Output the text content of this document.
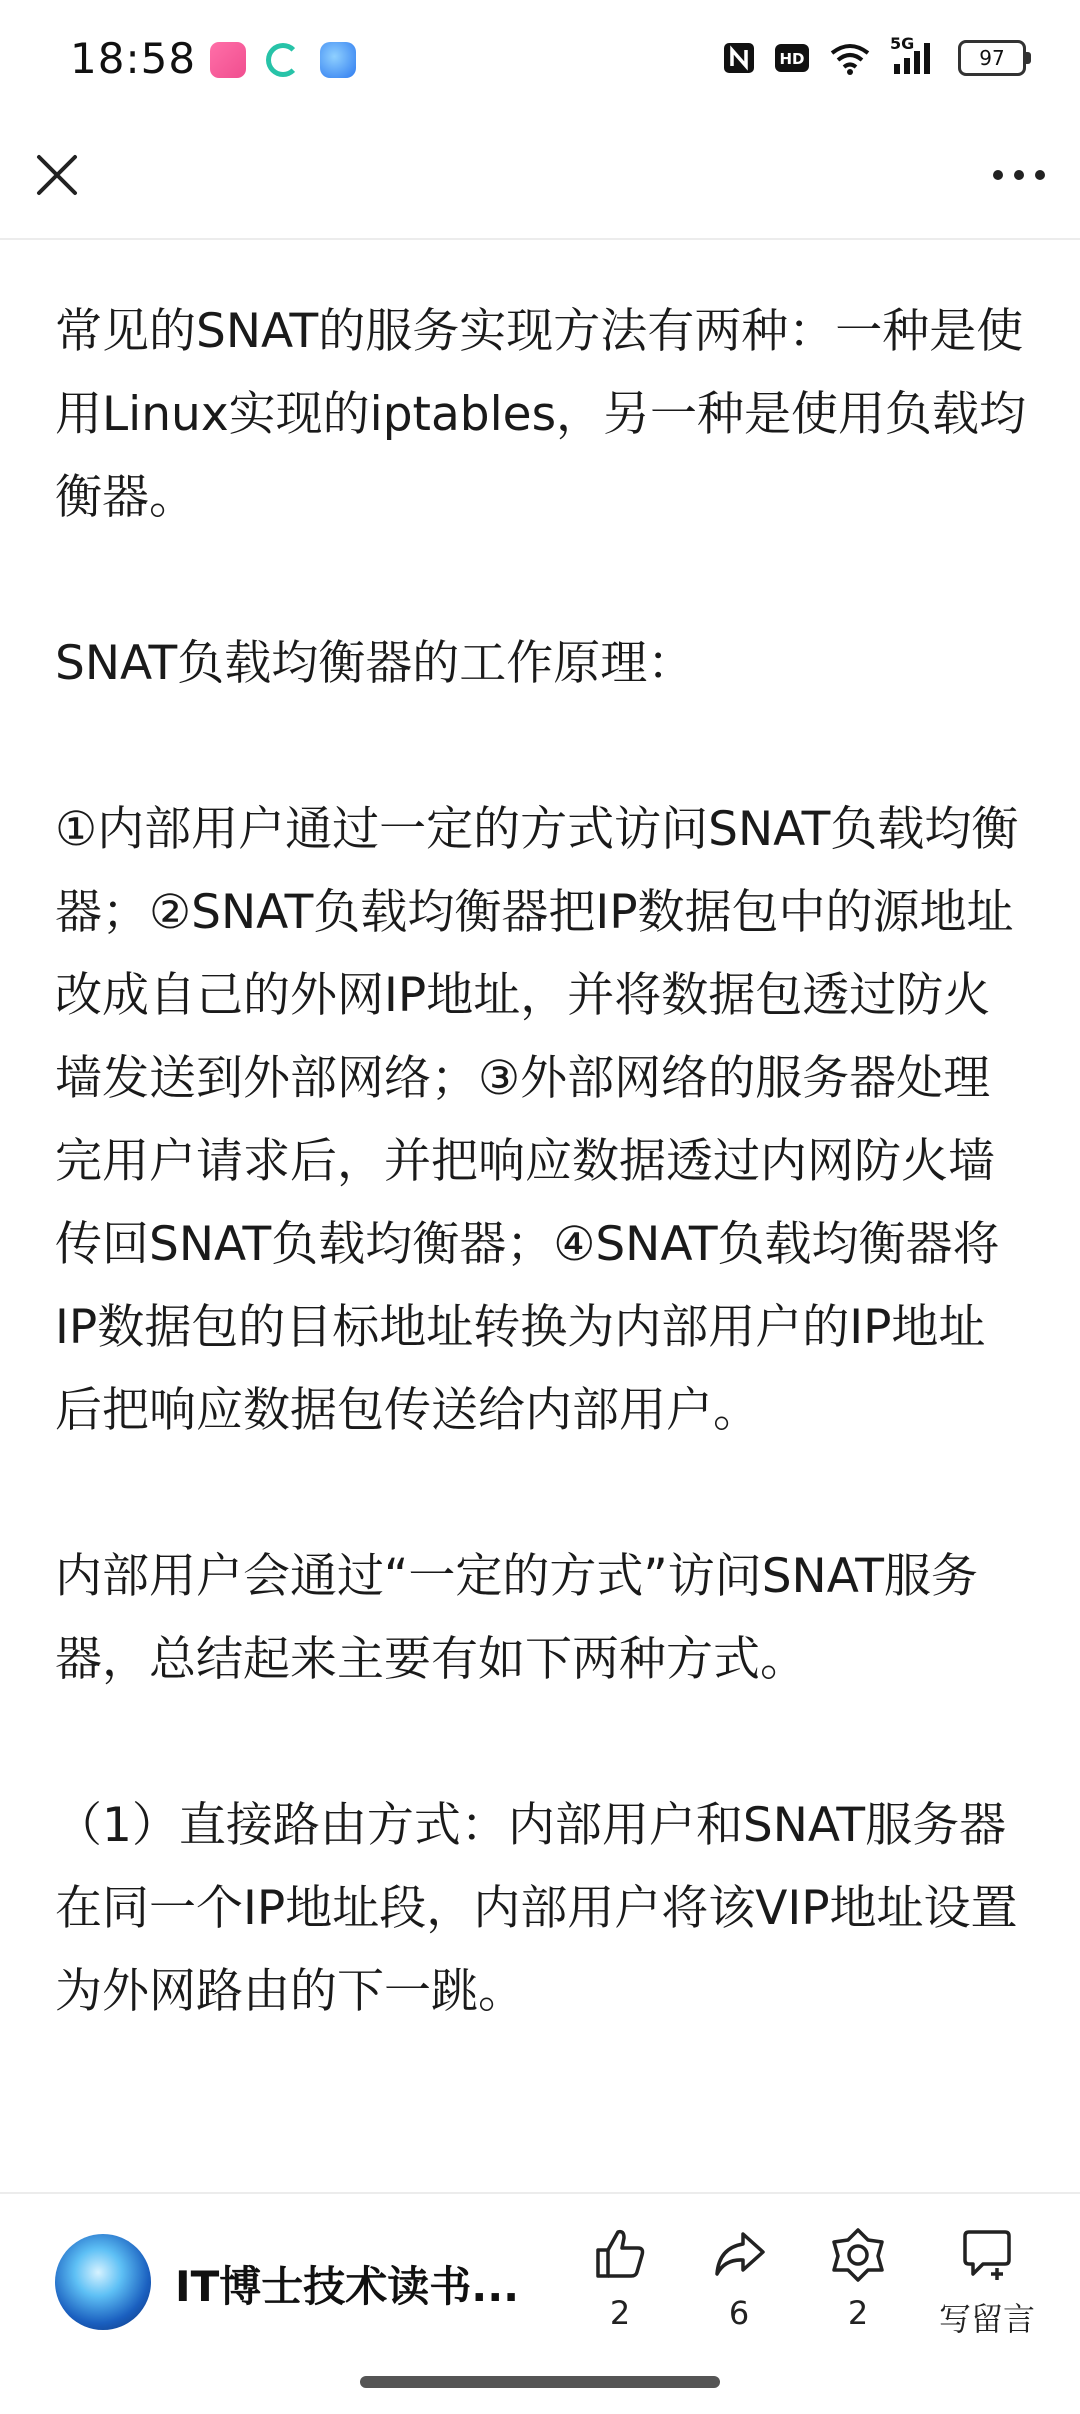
18:58	HD
5G
97

常见的SNAT的服务实现方法有两种：一种是使用Linux实现的iptables，另一种是使用负载均衡器。

SNAT负载均衡器的工作原理：

①内部用户通过一定的方式访问SNAT负载均衡器；②SNAT负载均衡器把IP数据包中的源地址改成自己的外网IP地址，并将数据包透过防火墙发送到外部网络；③外部网络的服务器处理完用户请求后，并把响应数据透过内网防火墙传回SNAT负载均衡器；④SNAT负载均衡器将IP数据包的目标地址转换为内部用户的IP地址后把响应数据包传送给内部用户。

内部用户会通过“一定的方式”访问SNAT服务器，总结起来主要有如下两种方式。

（1）直接路由方式：内部用户和SNAT服务器在同一个IP地址段，内部用户将该VIP地址设置为外网路由的下一跳。

IT博士技术读书...
2	6	2	写留言
